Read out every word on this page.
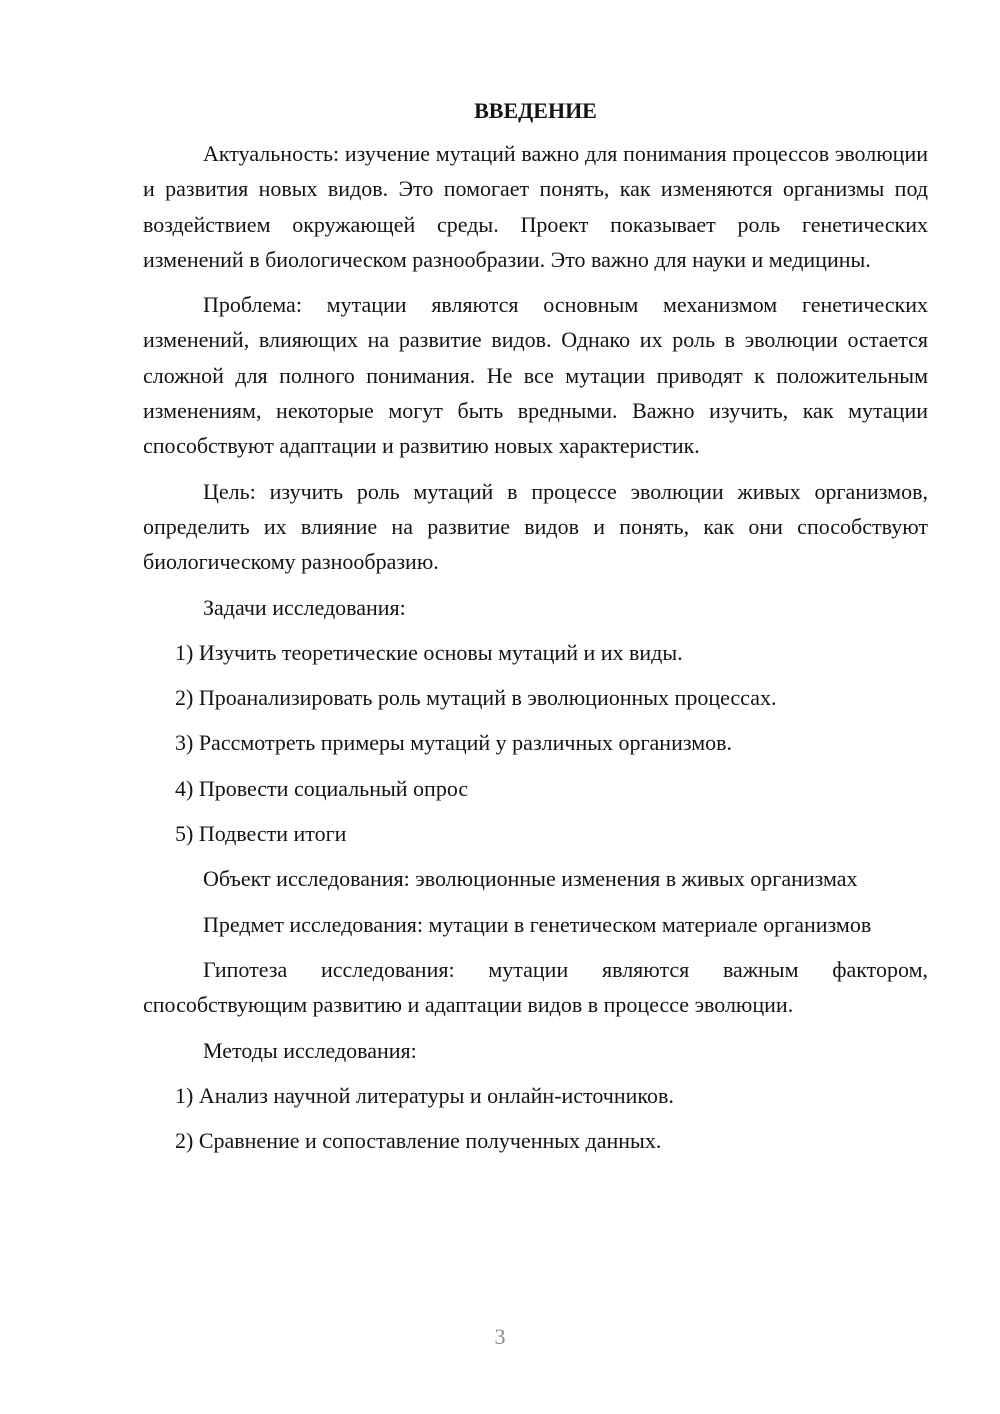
ВВЕДЕНИЕ

Актуальность: изучение мутаций важно для понимания процессов эволюции и развития новых видов. Это помогает понять, как изменяются организмы под воздействием окружающей среды. Проект показывает роль генетических изменений в биологическом разнообразии. Это важно для науки и медицины.

Проблема: мутации являются основным механизмом генетических изменений, влияющих на развитие видов. Однако их роль в эволюции остается сложной для полного понимания. Не все мутации приводят к положительным изменениям, некоторые могут быть вредными. Важно изучить, как мутации способствуют адаптации и развитию новых характеристик.

Цель: изучить роль мутаций в процессе эволюции живых организмов, определить их влияние на развитие видов и понять, как они способствуют биологическому разнообразию.

Задачи исследования:

1) Изучить теоретические основы мутаций и их виды.
2) Проанализировать роль мутаций в эволюционных процессах.
3) Рассмотреть примеры мутаций у различных организмов.
4) Провести социальный опрос
5) Подвести итоги

Объект исследования: эволюционные изменения в живых организмах

Предмет исследования: мутации в генетическом материале организмов

Гипотеза исследования: мутации являются важным фактором, способствующим развитию и адаптации видов в процессе эволюции.

Методы исследования:

1) Анализ научной литературы и онлайн-источников.
2) Сравнение и сопоставление полученных данных.
3
